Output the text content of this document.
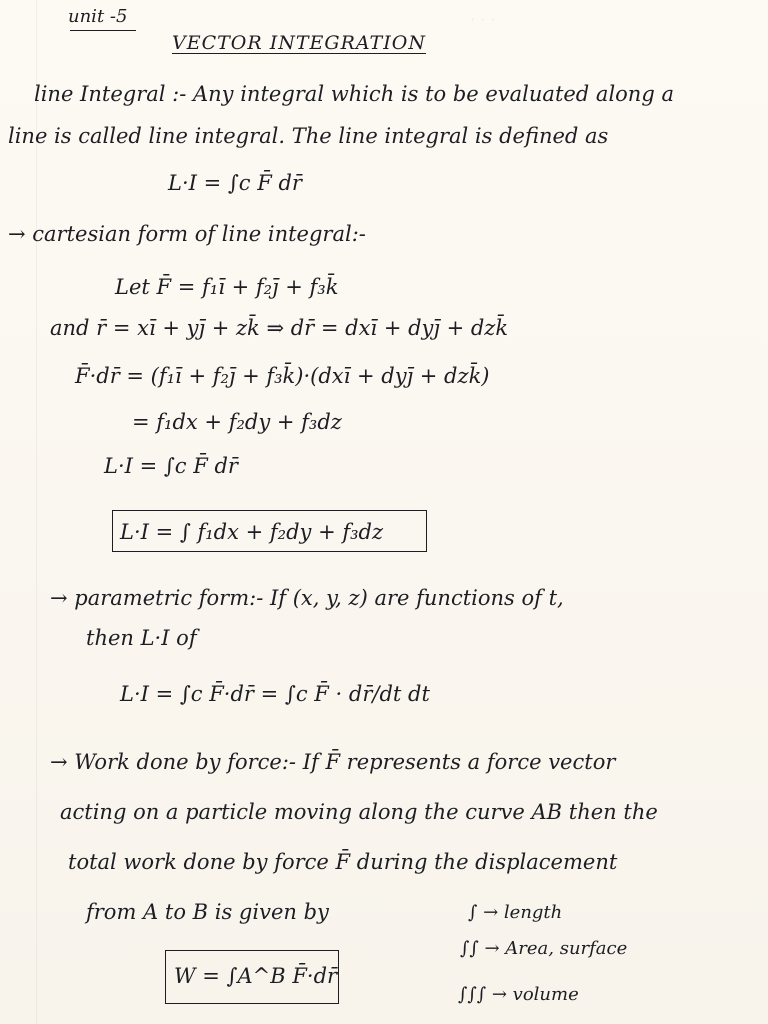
· · ·
unit -5
VECTOR INTEGRATION
line Integral :- Any integral which is to be evaluated along a
line is called line integral. The line integral is defined as
L·I = ∫c F̄ dr̄
→ cartesian form of line integral:-
Let F̄ = f₁ī + f₂j̄ + f₃k̄
and r̄ = xī + yj̄ + zk̄ ⇒ dr̄ = dxī + dyj̄ + dzk̄
F̄·dr̄ = (f₁ī + f₂j̄ + f₃k̄)·(dxī + dyj̄ + dzk̄)
= f₁dx + f₂dy + f₃dz
L·I = ∫c F̄ dr̄
L·I = ∫ f₁dx + f₂dy + f₃dz
→ parametric form:- If (x, y, z) are functions of t,
then L·I of
L·I = ∫c F̄·dr̄ = ∫c F̄ · dr̄/dt dt
→ Work done by force:- If F̄ represents a force vector
acting on a particle moving along the curve AB then the
total work done by force F̄ during the displacement
from A to B is given by
W = ∫A^B F̄·dr̄
∫ → length
∫∫ → Area, surface
∫∫∫ → volume
